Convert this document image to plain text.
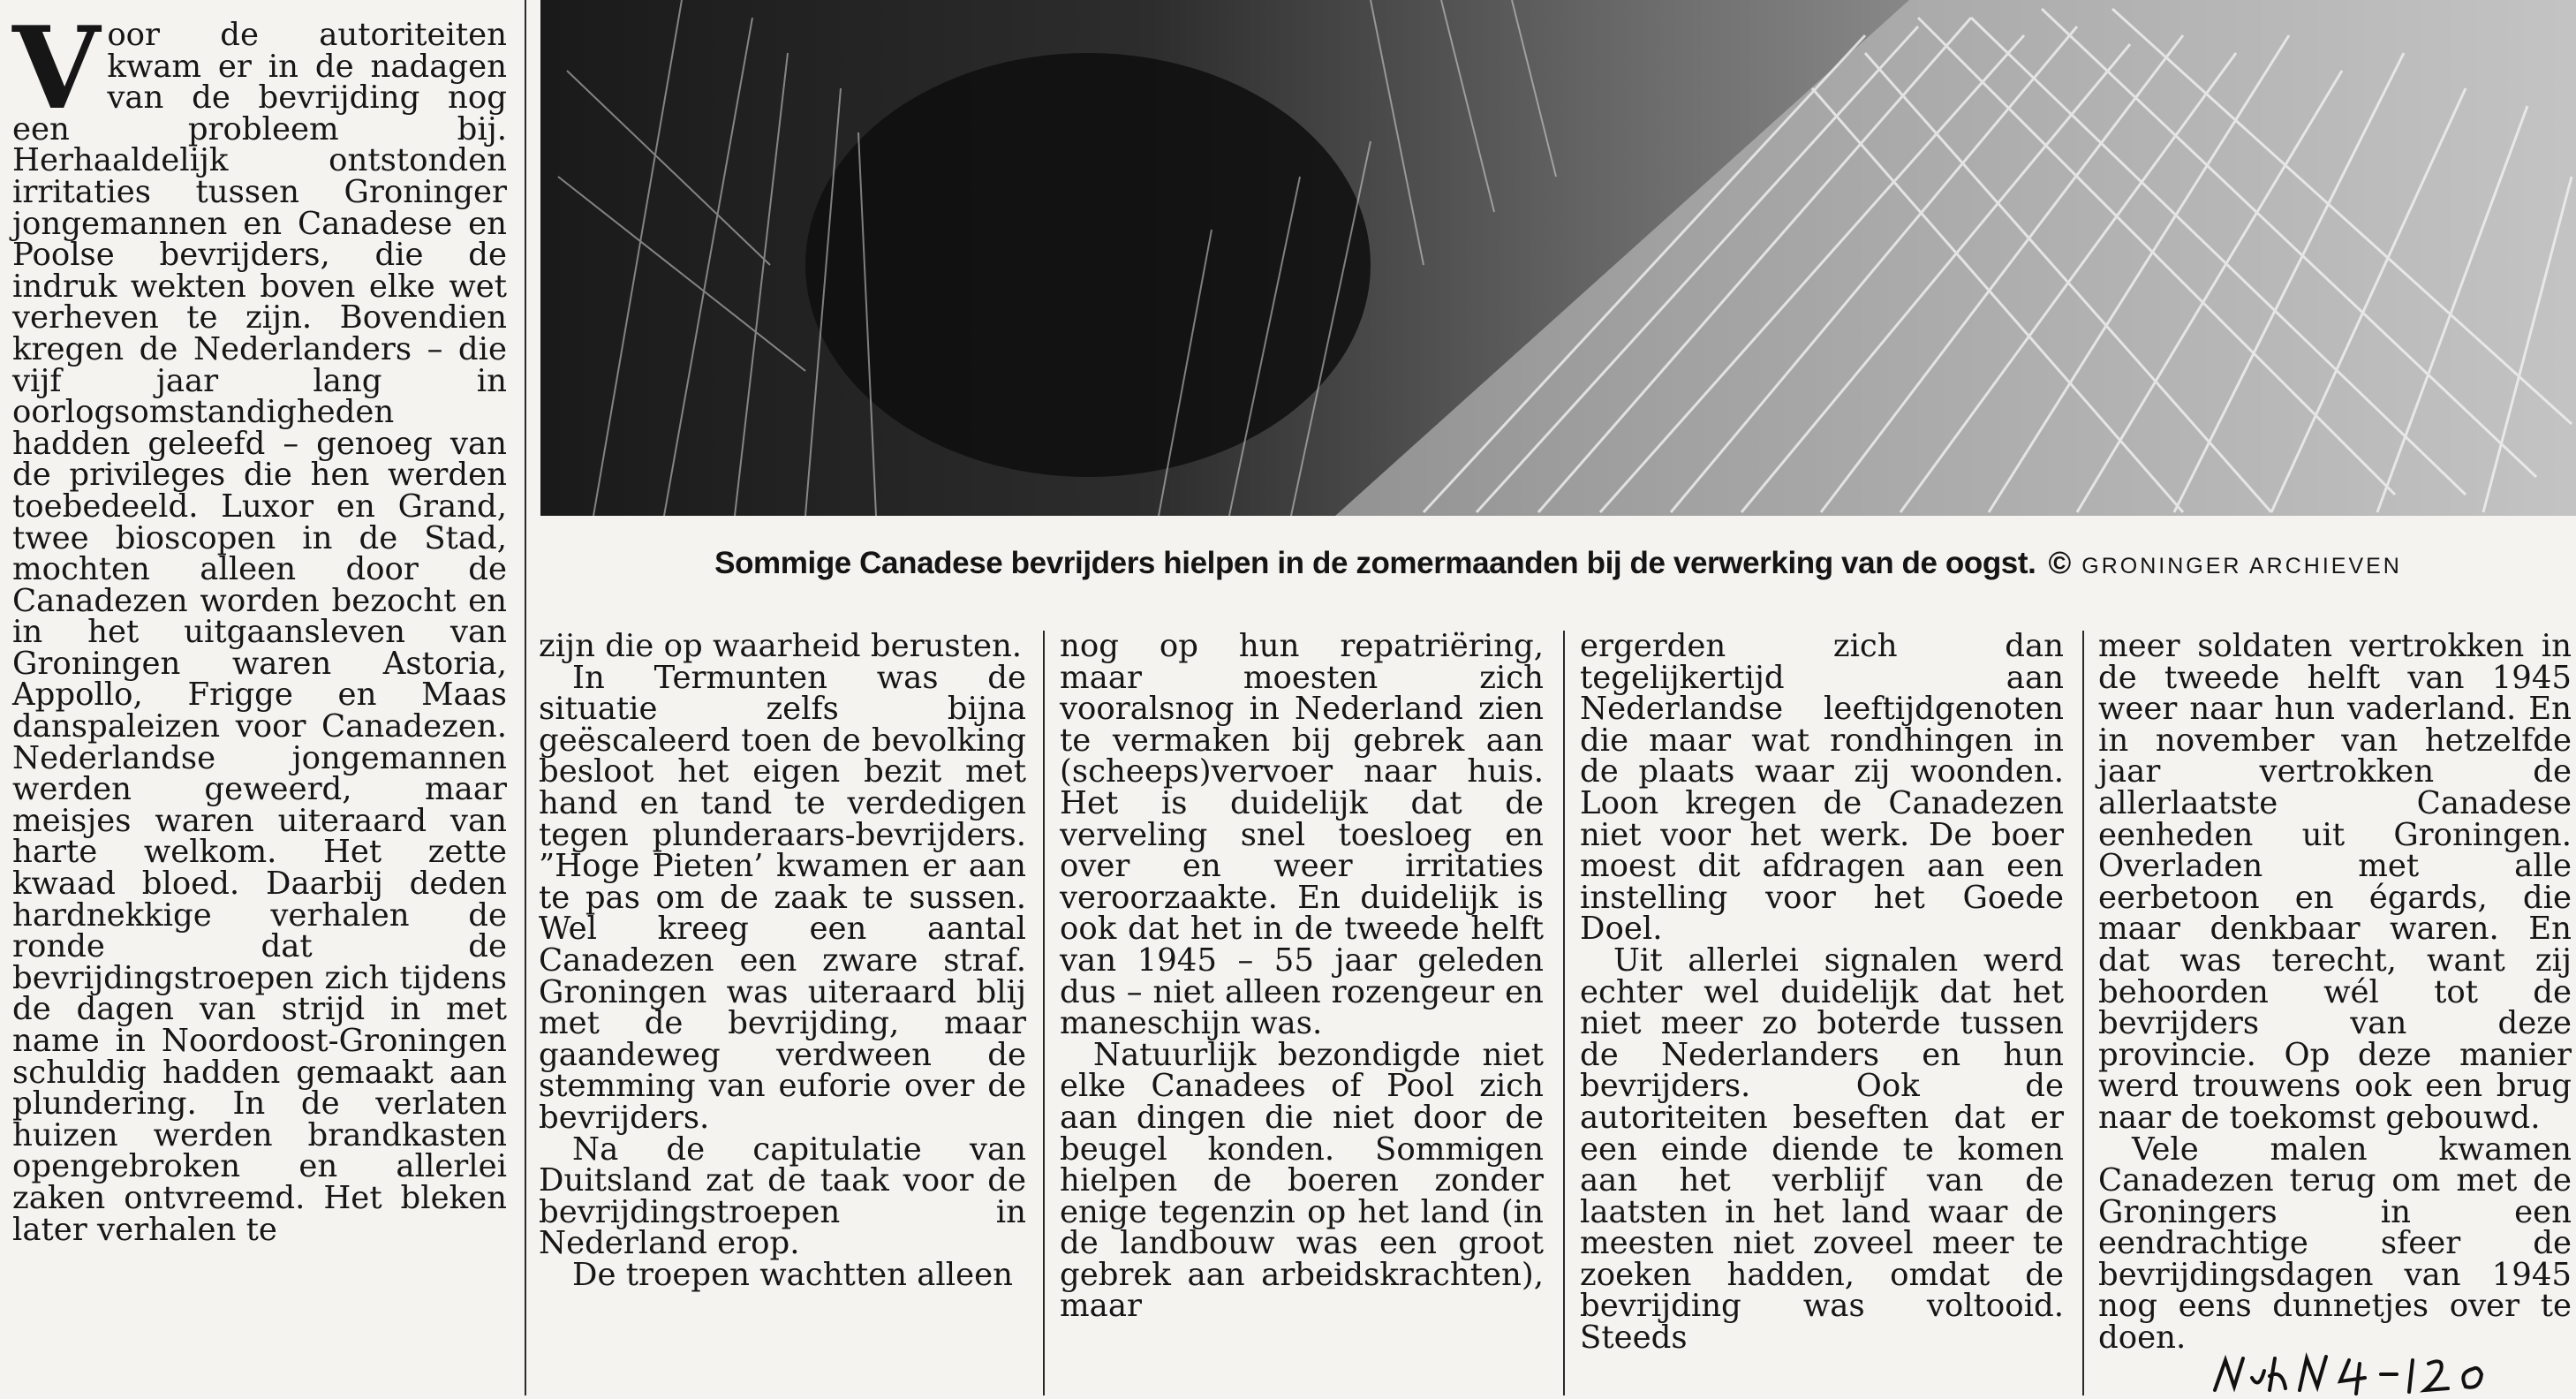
Voor de autoriteiten kwam er in de nadagen van de bevrijding nog een probleem bij. Herhaaldelijk ontstonden irritaties tussen Groninger jongemannen en Canadese en Poolse bevrijders, die de indruk wekten boven elke wet verheven te zijn. Bovendien kregen de Nederlanders – die vijf jaar lang in oorlogsomstandigheden hadden geleefd – genoeg van de privileges die hen werden toebedeeld. Luxor en Grand, twee bioscopen in de Stad, mochten alleen door de Canadezen worden bezocht en in het uitgaansleven van Groningen waren Astoria, Appollo, Frigge en Maas danspaleizen voor Canadezen. Nederlandse jongemannen werden geweerd, maar meisjes waren uiteraard van harte welkom. Het zette kwaad bloed. Daarbij deden hardnekkige verhalen de ronde dat de bevrijdingstroepen zich tijdens de dagen van strijd in met name in Noordoost-Groningen schuldig hadden gemaakt aan plundering. In de verlaten huizen werden brandkasten opengebroken en allerlei zaken ontvreemd. Het bleken later verhalen te

Sommige Canadese bevrijders hielpen in de zomermaanden bij de verwerking van de oogst. © GRONINGER ARCHIEVEN

zijn die op waarheid berusten.

In Termunten was de situatie zelfs bijna geëscaleerd toen de bevolking besloot het eigen bezit met hand en tand te verdedigen tegen plunderaars-bevrijders. ”Hoge Pieten’ kwamen er aan te pas om de zaak te sussen. Wel kreeg een aantal Canadezen een zware straf. Groningen was uiteraard blij met de bevrijding, maar gaandeweg verdween de stemming van euforie over de bevrijders.

Na de capitulatie van Duitsland zat de taak voor de bevrijdingstroepen in Nederland erop.

De troepen wachtten alleen

nog op hun repatriëring, maar moesten zich vooralsnog in Nederland zien te vermaken bij gebrek aan (scheeps)vervoer naar huis. Het is duidelijk dat de verveling snel toesloeg en over en weer irritaties veroorzaakte. En duidelijk is ook dat het in de tweede helft van 1945 – 55 jaar geleden dus – niet alleen rozengeur en maneschijn was.

Natuurlijk bezondigde niet elke Canadees of Pool zich aan dingen die niet door de beugel konden. Sommigen hielpen de boeren zonder enige tegenzin op het land (in de landbouw was een groot gebrek aan arbeidskrachten), maar

ergerden zich dan tegelijkertijd aan Nederlandse leeftijdgenoten die maar wat rondhingen in de plaats waar zij woonden. Loon kregen de Canadezen niet voor het werk. De boer moest dit afdragen aan een instelling voor het Goede Doel.

Uit allerlei signalen werd echter wel duidelijk dat het niet meer zo boterde tussen de Nederlanders en hun bevrijders. Ook de autoriteiten beseften dat er een einde diende te komen aan het verblijf van de laatsten in het land waar de meesten niet zoveel meer te zoeken hadden, omdat de bevrijding was voltooid. Steeds

meer soldaten vertrokken in de tweede helft van 1945 weer naar hun vaderland. En in november van hetzelfde jaar vertrokken de allerlaatste Canadese eenheden uit Groningen. Overladen met alle eerbetoon en égards, die maar denkbaar waren. En dat was terecht, want zij behoorden wél tot de bevrijders van deze provincie. Op deze manier werd trouwens ook een brug naar de toekomst gebouwd.

Vele malen kwamen Canadezen terug om met de Groningers in een eendrachtige sfeer de bevrijdingsdagen van 1945 nog eens dunnetjes over te doen.
